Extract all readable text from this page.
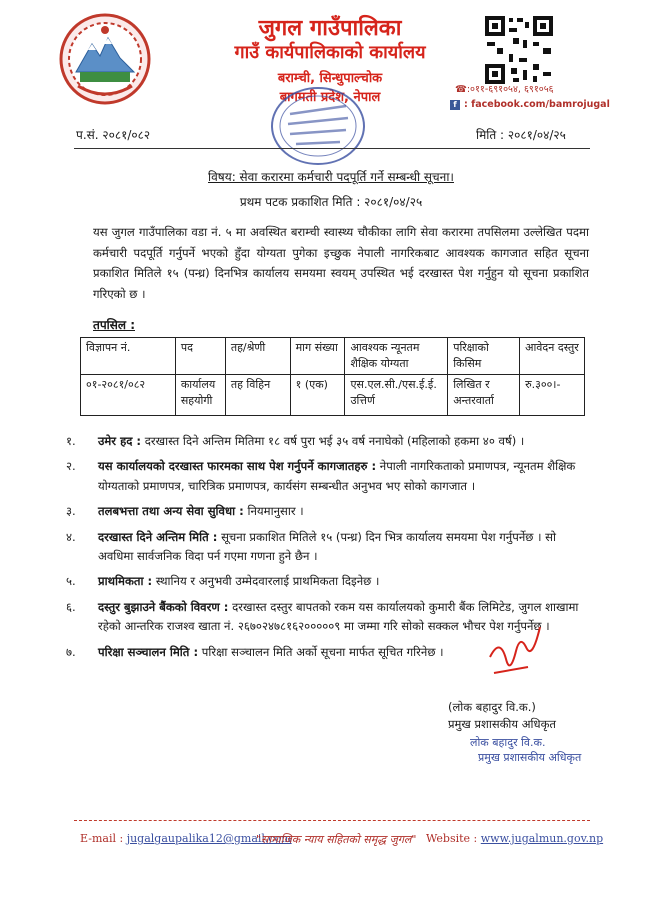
जुगल गाउँपालिका
गाउँ कार्यपालिकाको कार्यालय
बराम्ची, सिन्धुपाल्चोक
बागमती प्रदेश, नेपाल
☎:०११-६९१०५४, ६९१०५६
f : facebook.com/bamrojugal
प.सं. २०८१/०८२	मिति : २०८१/०४/२५
विषय: सेवा करारमा कर्मचारी पदपूर्ति गर्ने सम्बन्धी सूचना।
प्रथम पटक प्रकाशित मिति : २०८१/०४/२५
यस जुगल गाउँपालिका वडा नं. ५ मा अवस्थित बराम्ची स्वास्थ्य चौकीका लागि सेवा करारमा तपसिलमा उल्लेखित पदमा कर्मचारी पदपूर्ति गर्नुपर्ने भएको हुँदा योग्यता पुगेका इच्छुक नेपाली नागरिकबाट आवश्यक कागजात सहित सूचना प्रकाशित मितिले १५ (पन्ध्र) दिनभित्र कार्यालय समयमा स्वयम् उपस्थित भई दरखास्त पेश गर्नुहुन यो सूचना प्रकाशित गरिएको छ ।
तपसिल :
विज्ञापन नं.	पद	तह/श्रेणी	माग संख्या	आवश्यक न्यूनतम शैक्षिक योग्यता	परिक्षाको किसिम	आवेदन दस्तुर
०१-२०८१/०८२	कार्यालय सहयोगी	तह विहिन	१ (एक)	एस.एल.सी./एस.ई.ई. उत्तिर्ण	लिखित र अन्तरवार्ता	रु.३००।-
१. उमेर हद : दरखास्त दिने अन्तिम मितिमा १८ वर्ष पुरा भई ३५ वर्ष ननाघेको (महिलाको हकमा ४० वर्ष) ।
२. यस कार्यालयको दरखास्त फारमका साथ पेश गर्नुपर्ने कागजातहरु : नेपाली नागरिकताको प्रमाणपत्र, न्यूनतम शैक्षिक योग्यताको प्रमाणपत्र, चारित्रिक प्रमाणपत्र, कार्यसंग सम्बन्धीत अनुभव भए सोको कागजात ।
३. तलबभत्ता तथा अन्य सेवा सुविधा : नियमानुसार ।
४. दरखास्त दिने अन्तिम मिति : सूचना प्रकाशित मितिले १५ (पन्ध्र) दिन भित्र कार्यालय समयमा पेश गर्नुपर्नेछ । सो अवधिमा सार्वजनिक विदा पर्न गएमा गणना हुने छैन ।
५. प्राथमिकता : स्थानिय र अनुभवी उम्मेदवारलाई प्राथमिकता दिइनेछ ।
६. दस्तुर बुझाउने बैंकको विवरण : दरखास्त दस्तुर बापतको रकम यस कार्यालयको कुमारी बैंक लिमिटेड, जुगल शाखामा रहेको आन्तरिक राजश्व खाता नं. २६७०२४७८१६२०००००९ मा जम्मा गरि सोको सक्कल भौचर पेश गर्नुपर्नेछ ।
७. परिक्षा सञ्चालन मिति : परिक्षा सञ्चालन मिति अर्को सूचना मार्फत सूचित गरिनेछ ।
(लोक बहादुर वि.क.)
प्रमुख प्रशासकीय अधिकृत
लोक बहादुर वि.क.
प्रमुख प्रशासकीय अधिकृत
E-mail : jugalgaupalika12@gmail.com
"सामाजिक न्याय सहितको समृद्ध जुगल" Website : www.jugalmun.gov.np
